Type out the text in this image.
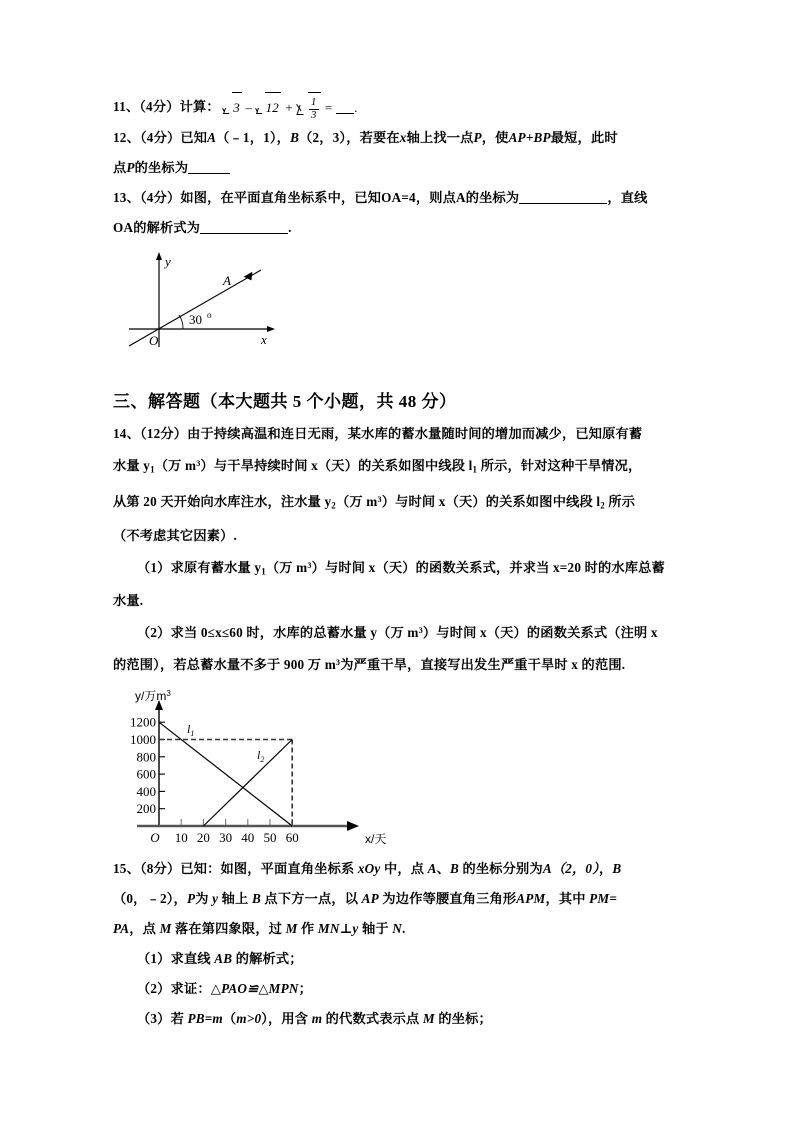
11、（4分）计算： $3 - 12 + \frac{1}{3}$ = .
12、（4分）已知A（﹣1，1），B（2，3），若要在x轴上找一点P，使AP+BP最短，此时
点P的坐标为
13、（4分）如图，在平面直角坐标系中，已知OA=4，则点A的坐标为	，直线
OA的解析式为	.
y
x
O
A
30 o
三、解答题（本大题共 5 个小题，共 48 分）
14、（12分）由于持续高温和连日无雨，某水库的蓄水量随时间的增加而减少，已知原有蓄
水量 $y_1$（万 $m^3$）与干旱持续时间 x（天）的关系如图中线段 $l_1$ 所示，针对这种干旱情况，
从第 20 天开始向水库注水，注水量 $y_2$（万 $m^3$）与时间 x（天）的关系如图中线段 $l_2$ 所示
（不考虑其它因素）.
（1）求原有蓄水量 $y_1$（万 $m^3$）与时间 x（天）的函数关系式，并求当 x=20 时的水库总蓄
水量.
（2）求当 0≤x≤60 时，水库的总蓄水量 y（万 $m^3$）与时间 x（天）的函数关系式（注明 x
的范围），若总蓄水量不多于 900 万 $m^3$为严重干旱，直接写出发生严重干旱时 x 的范围.
200
400
600
800
1000
1200
10 20 30 40 50 60
O
y/万$m^3$
x/天
$l_1$
$l_2$
15、（8分）已知：如图，平面直角坐标系 xOy 中，点 A、B 的坐标分别为A（2，0），B
（0，﹣2），P为 y 轴上 B 点下方一点，以 AP 为边作等腰直角三角形APM，其中 PM=
PA，点 M 落在第四象限，过 M 作 MN⊥y 轴于 N.
（1）求直线 AB 的解析式；
（2）求证：△PAO≌△MPN；
（3）若 PB=m（m>0），用含 m 的代数式表示点 M 的坐标；
